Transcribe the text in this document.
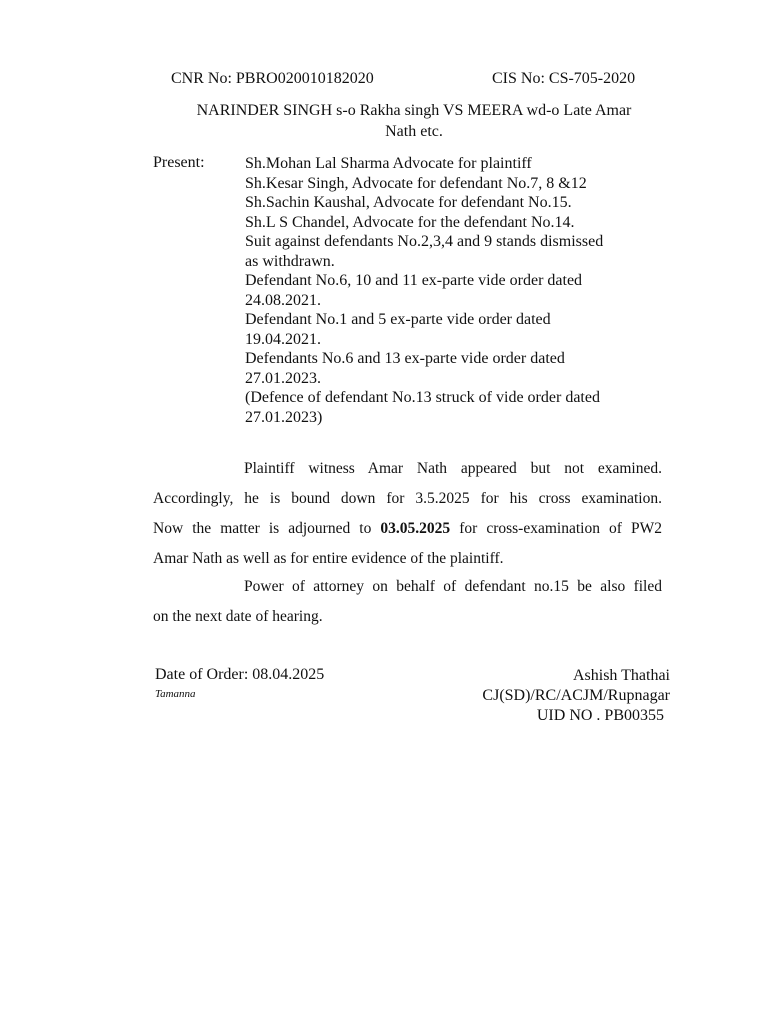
CNR No: PBRO020010182020	CIS No: CS-705-2020
NARINDER SINGH s-o Rakha singh VS MEERA wd-o Late Amar
Nath etc.
Present:	Sh.Mohan Lal Sharma Advocate for plaintiff
Sh.Kesar Singh, Advocate for defendant No.7, 8 &12
Sh.Sachin Kaushal, Advocate for defendant No.15.
Sh.L S Chandel, Advocate for the defendant No.14.
Suit against defendants No.2,3,4 and 9 stands dismissed
as withdrawn.
Defendant No.6, 10 and 11 ex-parte vide order dated
24.08.2021.
Defendant No.1 and 5 ex-parte vide order dated
19.04.2021.
Defendants No.6 and 13 ex-parte vide order dated
27.01.2023.
(Defence of defendant No.13 struck of vide order dated
27.01.2023)
Plaintiff witness Amar Nath appeared but not examined.
Accordingly, he is bound down for 3.5.2025 for his cross examination.
Now the matter is adjourned to 03.05.2025 for cross-examination of PW2
Amar Nath as well as for entire evidence of the plaintiff.
Power of attorney on behalf of defendant no.15 be also filed
on the next date of hearing.
Date of Order: 08.04.2025
Tamanna
Ashish Thathai
CJ(SD)/RC/ACJM/Rupnagar
UID NO . PB00355
